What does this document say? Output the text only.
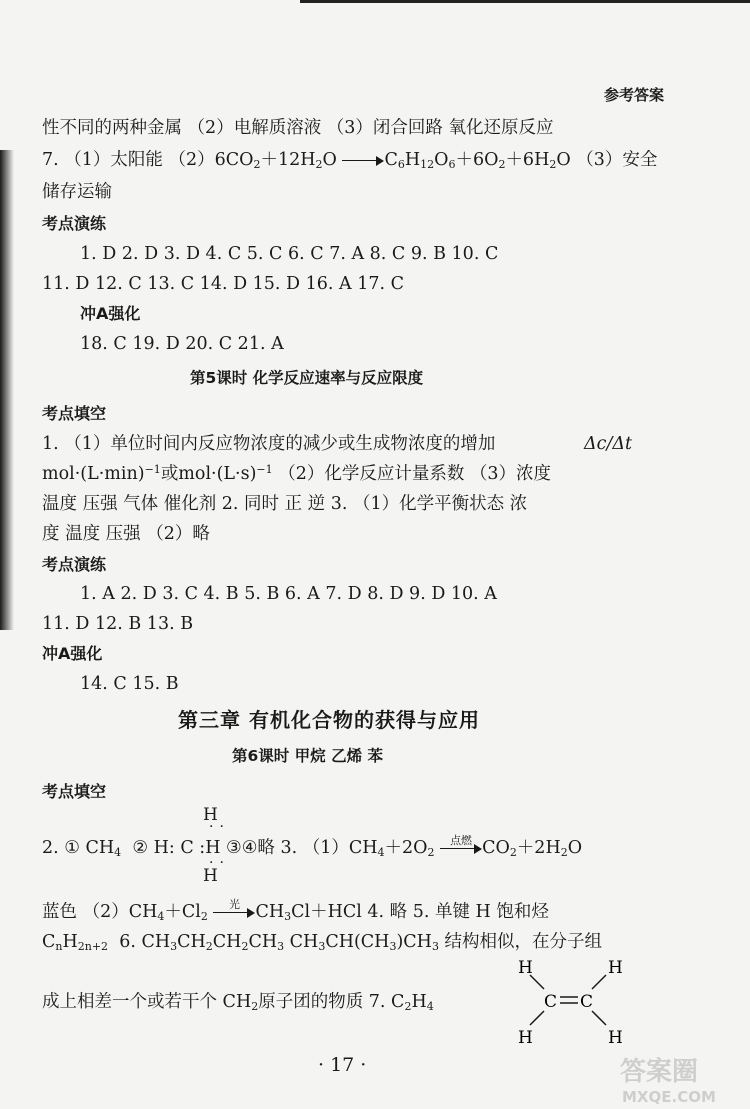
参考答案
性不同的两种金属 （2）电解质溶液 （3）闭合回路 氧化还原反应
7. （1）太阳能 $(2)6CO_2+12H_2O$	$C_6H_{12}O_6+6O_2+6H_2O$ （3）安全
储存运输
考点演练
1. D 2. D 3. D 4. C 5. C 6. C 7. A 8. C 9. B 10. C
11. D 12. C 13. C 14. D 15. D 16. A 17. C
冲A强化
18. C 19. D 20. C 21. A
第5课时 化学反应速率与反应限度
考点填空
1. （1）单位时间内反应物浓度的减少或生成物浓度的增加	Δc/Δt
$mol\cdot(L\cdot\min)^{-1}$或$mol\cdot(L\cdot s)^{-1}$ （2）化学反应计量系数 （3）浓度
温度 压强 气体 催化剂 2. 同时 正 逆 3. （1）化学平衡状态 浓
度 温度 压强 （2）略
考点演练
1. A 2. D 3. C 4. B 5. B 6. A 7. D 8. D 9. D 10. A
11. D 12. B 13. B
冲A强化
14. C 15. B
第三章 有机化合物的获得与应用
第6课时 甲烷 乙烯 苯
考点填空
H
H
··
··
2. ① $CH_4$ ② H: C :H ③④略 3. $(1)CH_4+2O_2$
点燃 $CO_2+2H_2O$
蓝色 $(2)CH_4+Cl_2$
光 $CH_3Cl+HCl$ 4. 略 5. 单键 H 饱和烃
$C_nH_{2n+2}$ 6. $CH_3CH_2CH_2CH_3$ $CH_3CH(CH_3)CH_3$ 结构相似，在分子组
成上相差一个或若干个 $CH_2$原子团的物质 7. $C_2H_4$
H	H
H	H
C C
· 17 ·	答案圈
MXQE.COM
